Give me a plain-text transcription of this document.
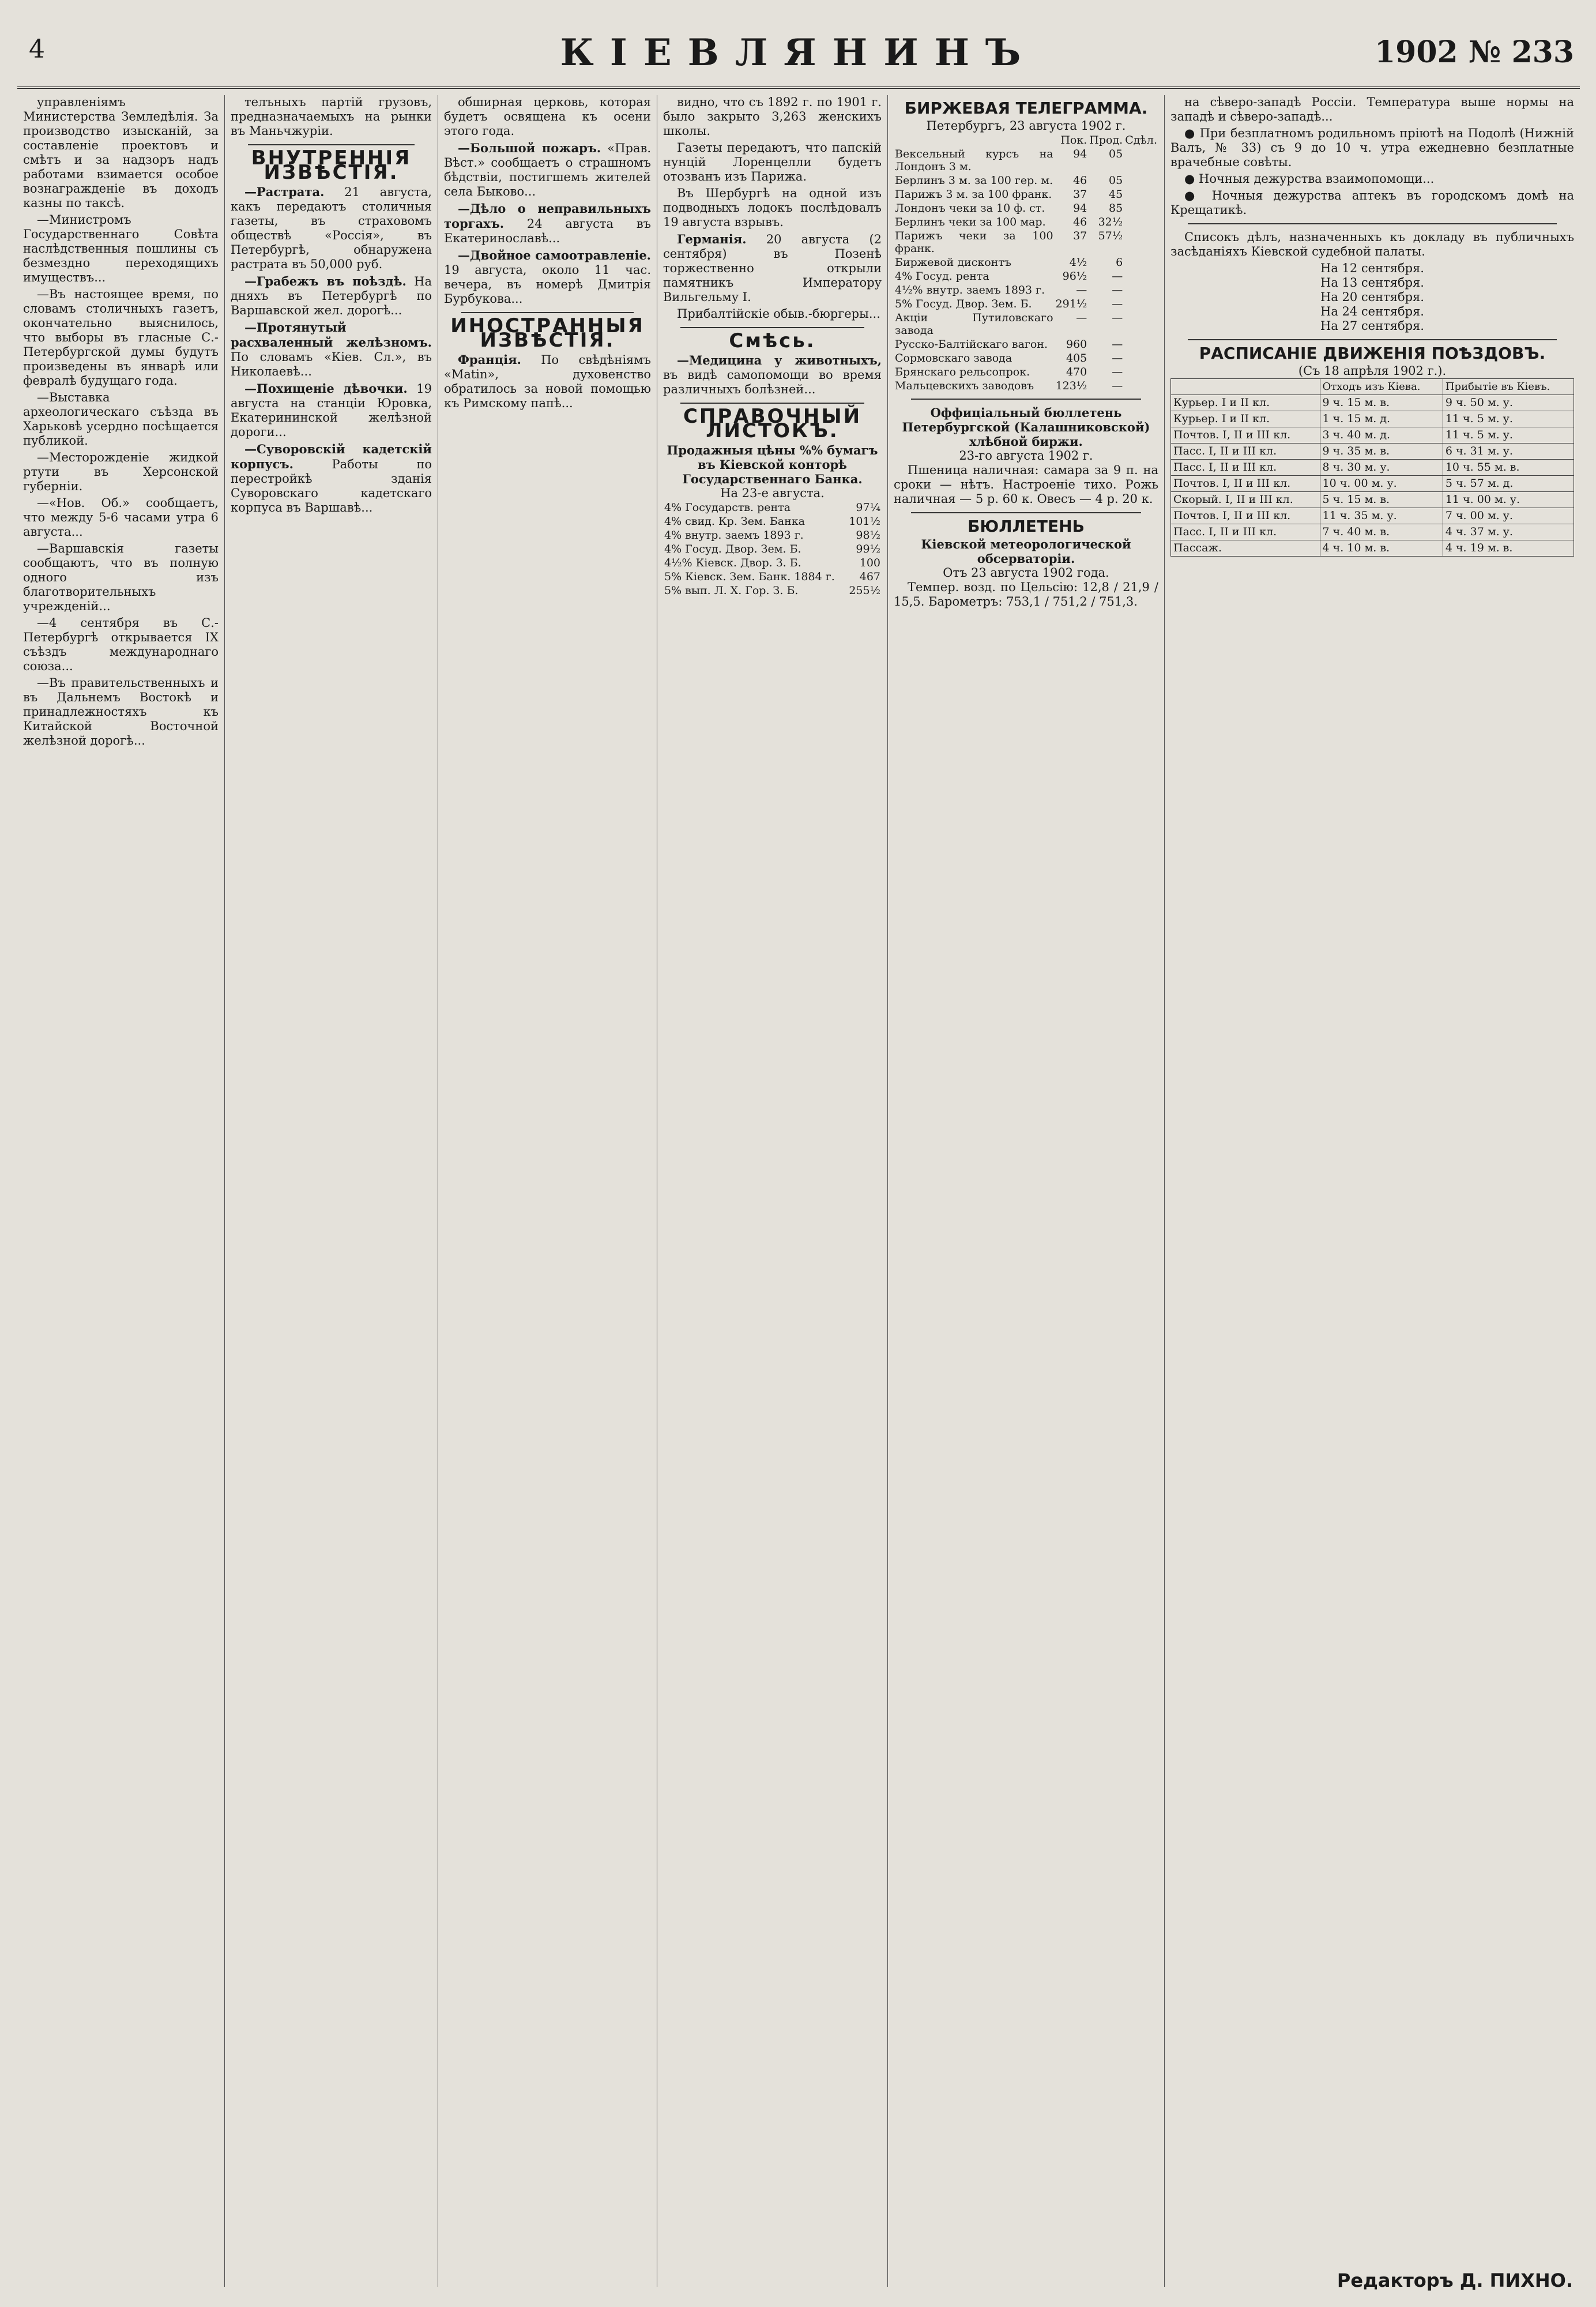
4	КІЕВЛЯНИНЪ	1902 № 233

управленіямъ Министерства Земледѣлія. За производство изысканій, за составленіе проектовъ и смѣтъ и за надзоръ надъ работами взимается особое вознагражденіе въ доходъ казны по таксѣ.

—Министромъ Государственнаго Совѣта наслѣдственныя пошлины съ безмездно переходящихъ имуществъ...

—Въ настоящее время, по словамъ столичныхъ газетъ, окончательно выяснилось, что выборы въ гласные С.-Петербургской думы будутъ произведены въ январѣ или февралѣ будущаго года.

—Выставка археологическаго съѣзда въ Харьковѣ усердно посѣщается публикой.

—Месторожденіе жидкой ртути въ Херсонской губерніи.

—«Нов. Об.» сообщаетъ, что между 5-6 часами утра 6 августа...

—Варшавскія газеты сообщаютъ, что въ полную одного изъ благотворительныхъ учрежденій...

—4 сентября въ С.-Петербургѣ открывается IX съѣздъ международнаго союза...

—Въ правительственныхъ и въ Дальнемъ Востокѣ и принадлежностяхъ къ Китайской Восточной желѣзной дорогѣ...

телъныхъ партій грузовъ, предназначаемыхъ на рынки въ Маньчжуріи.

ВНУТРЕННІЯ ИЗВѢСТІЯ.

—Растрата. 21 августа, какъ передаютъ столичныя газеты, въ страховомъ обществѣ «Россія», въ Петербургѣ, обнаружена растрата въ 50,000 руб.

—Грабежъ въ поѣздѣ. На дняхъ въ Петербургѣ по Варшавской жел. дорогѣ...

—Протянутый расхваленный желѣзномъ. По словамъ «Кіев. Сл.», въ Николаевѣ...

—Похищеніе дѣвочки. 19 августа на станціи Юровка, Екатерининской желѣзной дороги...

—Суворовскій кадетскій корпусъ.	Работы по перестройкѣ зданія Суворовскаго кадетскаго корпуса въ Варшавѣ...

обширная церковь, которая будетъ освящена къ осени этого года.

—Большой пожаръ. «Прав. Вѣст.» сообщаетъ о страшномъ бѣдствіи, постигшемъ жителей села Быково...

—Дѣло о неправильныхъ торгахъ. 24 августа въ Екатеринославѣ...

—Двойное самоотравленіе. 19 августа, около 11 час. вечера, въ номерѣ Дмитрія Бурбукова...

ИНОСТРАННЫЯ ИЗВѢСТІЯ.

Франція. По свѣдѣніямъ «Matin», духовенство обратилось за новой помощью къ Римскому папѣ...

видно, что съ 1892 г. по 1901 г. было закрыто 3,263 женскихъ школы.

Газеты передаютъ, что папскій нунцій Лоренцелли будетъ отозванъ изъ Парижа.

Въ Шербургѣ на одной изъ подводныхъ лодокъ послѣдовалъ 19 августа взрывъ.

Германія. 20 августа (2 сентября) въ Позенѣ торжественно открыли памятникъ Императору Вильгельму I.

Прибалтійскіе обыв.-бюргеры...

Смѣсь.

—Медицина у животныхъ, въ видѣ самопомощи во время различныхъ болѣзней...

СПРАВОЧНЫЙ ЛИСТОКЪ.
Продажныя цѣны %% бумагъ въ Кіевской конторѣ Государственнаго Банка.
На 23-е августа.
4% Государств. рента	97¼
4% свид. Кр. Зем. Банка	101½
4% внутр. заемъ 1893 г.	98½
4% Госуд. Двор. Зем. Б.	99½
4½% Кіевск. Двор. З. Б.	100
5% Кіевск. Зем. Банк. 1884 г.	467
5% вып. Л. Х. Гор. З. Б.	255½
БИРЖЕВАЯ ТЕЛЕГРАММА.
Петербургъ, 23 августа 1902 г.
	Пок.	Прод.	Сдѣл.
Вексельный курсъ на Лондонъ 3 м.	94	05	
Берлинъ 3 м. за 100 гер. м.	46	05	
Парижъ 3 м. за 100 франк.	37	45	
Лондонъ чеки за 10 ф. ст.	94	85	
Берлинъ чеки за 100 мар.	46	32½	
Парижъ чеки за 100 франк.	37	57½	
Биржевой дисконтъ	4½	6	
4% Госуд. рента	96½	—	
4½% внутр. заемъ 1893 г.	—	—	
5% Госуд. Двор. Зем. Б.	291½	—	
Акціи Путиловскаго завода	—	—	
Русско-Балтійскаго вагон.	960	—	
Сормовскаго завода	405	—	
Брянскаго рельсопрок.	470	—	
Мальцевскихъ заводовъ	123½	—	
Оффиціальный бюллетень Петербургской (Калашниковской) хлѣбной биржи.
23-го августа 1902 г.

Пшеница наличная: самара за 9 п. на сроки — нѣтъ. Настроеніе тихо. Рожь наличная — 5 р. 60 к. Овесъ — 4 р. 20 к.

БЮЛЛЕТЕНЬ
Кіевской метеорологической обсерваторіи.
Отъ 23 августа 1902 года.

Темпер. возд. по Цельсію: 12,8 / 21,9 / 15,5. Барометръ: 753,1 / 751,2 / 751,3.

на сѣверо-западѣ Россіи. Температура выше нормы на западѣ и сѣверо-западѣ...

● При безплатномъ родильномъ пріютѣ на Подолѣ (Нижній Валъ, № 33) съ 9 до 10 ч. утра ежедневно безплатные врачебные совѣты.

● Ночныя дежурства взаимопомощи...

● Ночныя дежурства аптекъ въ городскомъ домѣ на Крещатикѣ.

Списокъ дѣлъ, назначенныхъ къ докладу въ публичныхъ засѣданіяхъ Кіевской судебной палаты.

На 12 сентября.
На 13 сентября.
На 20 сентября.
На 24 сентября.
На 27 сентября.
РАСПИСАНІЕ ДВИЖЕНІЯ ПОѢЗДОВЪ.
(Съ 18 апрѣля 1902 г.).
	Отходъ изъ Кіева.	Прибытіе въ Кіевъ.
Курьер. I и II кл.	9 ч. 15 м. в.	9 ч. 50 м. у.
Курьер. I и II кл.	1 ч. 15 м. д.	11 ч. 5 м. у.
Почтов. I, II и III кл.	3 ч. 40 м. д.	11 ч. 5 м. у.
Пасс. I, II и III кл.	9 ч. 35 м. в.	6 ч. 31 м. у.
Пасс. I, II и III кл.	8 ч. 30 м. у.	10 ч. 55 м. в.
Почтов. I, II и III кл.	10 ч. 00 м. у.	5 ч. 57 м. д.
Скорый. I, II и III кл.	5 ч. 15 м. в.	11 ч. 00 м. у.
Почтов. I, II и III кл.	11 ч. 35 м. у.	7 ч. 00 м. у.
Пасс. I, II и III кл.	7 ч. 40 м. в.	4 ч. 37 м. у.
Пассаж.	4 ч. 10 м. в.	4 ч. 19 м. в.
Редакторъ Д. ПИХНО.
